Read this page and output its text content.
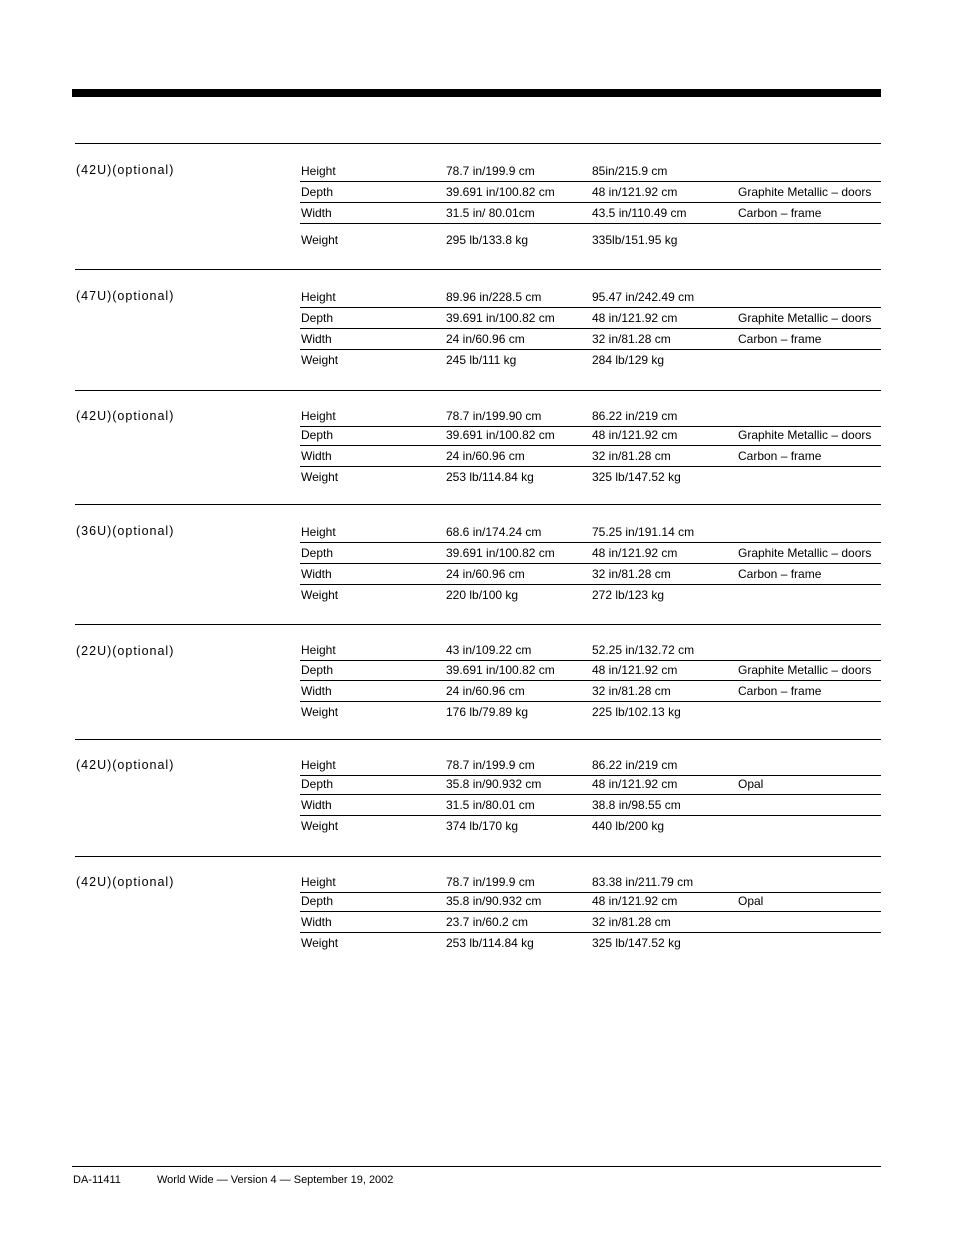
(42U)(optional)	Height	78.7 in/199.9 cm	85in/215.9 cm
Depth	39.691 in/100.82 cm	48 in/121.92 cm	Graphite Metallic – doors
Width	31.5 in/ 80.01cm	43.5 in/110.49 cm	Carbon – frame
Weight	295 lb/133.8 kg	335lb/151.95 kg
(47U)(optional)	Height	89.96 in/228.5 cm	95.47 in/242.49 cm
Depth	39.691 in/100.82 cm	48 in/121.92 cm	Graphite Metallic – doors
Width	24 in/60.96 cm	32 in/81.28 cm	Carbon – frame
Weight	245 lb/111 kg	284 lb/129 kg
(42U)(optional)	Height	78.7 in/199.90 cm	86.22 in/219 cm
Depth	39.691 in/100.82 cm	48 in/121.92 cm	Graphite Metallic – doors
Width	24 in/60.96 cm	32 in/81.28 cm	Carbon – frame
Weight	253 lb/114.84 kg	325 lb/147.52 kg
(36U)(optional)	Height	68.6 in/174.24 cm	75.25 in/191.14 cm
Depth	39.691 in/100.82 cm	48 in/121.92 cm	Graphite Metallic – doors
Width	24 in/60.96 cm	32 in/81.28 cm	Carbon – frame
Weight	220 lb/100 kg	272 lb/123 kg
(22U)(optional)	Height	43 in/109.22 cm	52.25 in/132.72 cm
Depth	39.691 in/100.82 cm	48 in/121.92 cm	Graphite Metallic – doors
Width	24 in/60.96 cm	32 in/81.28 cm	Carbon – frame
Weight	176 lb/79.89 kg	225 lb/102.13 kg
(42U)(optional)	Height	78.7 in/199.9 cm	86.22 in/219 cm
Depth	35.8 in/90.932 cm	48 in/121.92 cm	Opal
Width	31.5 in/80.01 cm	38.8 in/98.55 cm
Weight	374 lb/170 kg	440 lb/200 kg
(42U)(optional)	Height	78.7 in/199.9 cm	83.38 in/211.79 cm
Depth	35.8 in/90.932 cm	48 in/121.92 cm	Opal
Width	23.7 in/60.2 cm	32 in/81.28 cm
Weight	253 lb/114.84 kg	325 lb/147.52 kg
DA-11411	World Wide — Version 4 — September 19, 2002
